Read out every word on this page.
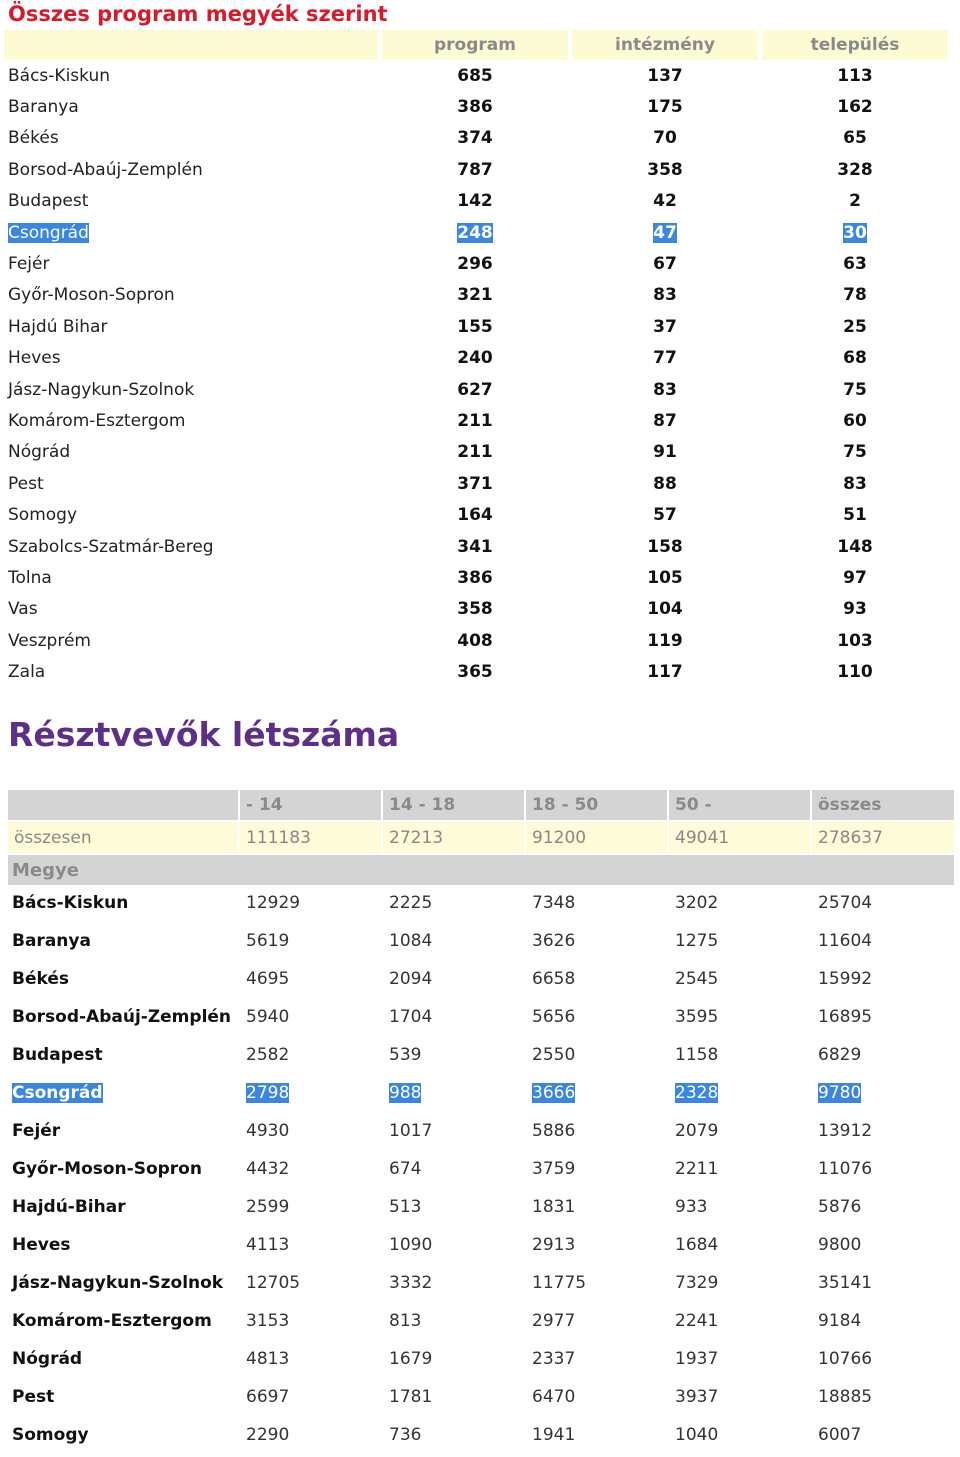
Összes program megyék szerint
	program	intézmény	település
Bács-Kiskun	685	137	113
Baranya	386	175	162
Békés	374	70	65
Borsod-Abaúj-Zemplén	787	358	328
Budapest	142	42	2
Csongrád	248	47	30
Fejér	296	67	63
Győr-Moson-Sopron	321	83	78
Hajdú Bihar	155	37	25
Heves	240	77	68
Jász-Nagykun-Szolnok	627	83	75
Komárom-Esztergom	211	87	60
Nógrád	211	91	75
Pest	371	88	83
Somogy	164	57	51
Szabolcs-Szatmár-Bereg	341	158	148
Tolna	386	105	97
Vas	358	104	93
Veszprém	408	119	103
Zala	365	117	110
Résztvevők létszáma
	- 14	14 - 18	18 - 50	50 -	összes
összesen	111183	27213	91200	49041	278637
Megye					
Bács-Kiskun	12929	2225	7348	3202	25704
Baranya	5619	1084	3626	1275	11604
Békés	4695	2094	6658	2545	15992
Borsod-Abaúj-Zemplén	5940	1704	5656	3595	16895
Budapest	2582	539	2550	1158	6829
Csongrád	2798	988	3666	2328	9780
Fejér	4930	1017	5886	2079	13912
Győr-Moson-Sopron	4432	674	3759	2211	11076
Hajdú-Bihar	2599	513	1831	933	5876
Heves	4113	1090	2913	1684	9800
Jász-Nagykun-Szolnok	12705	3332	11775	7329	35141
Komárom-Esztergom	3153	813	2977	2241	9184
Nógrád	4813	1679	2337	1937	10766
Pest	6697	1781	6470	3937	18885
Somogy	2290	736	1941	1040	6007
